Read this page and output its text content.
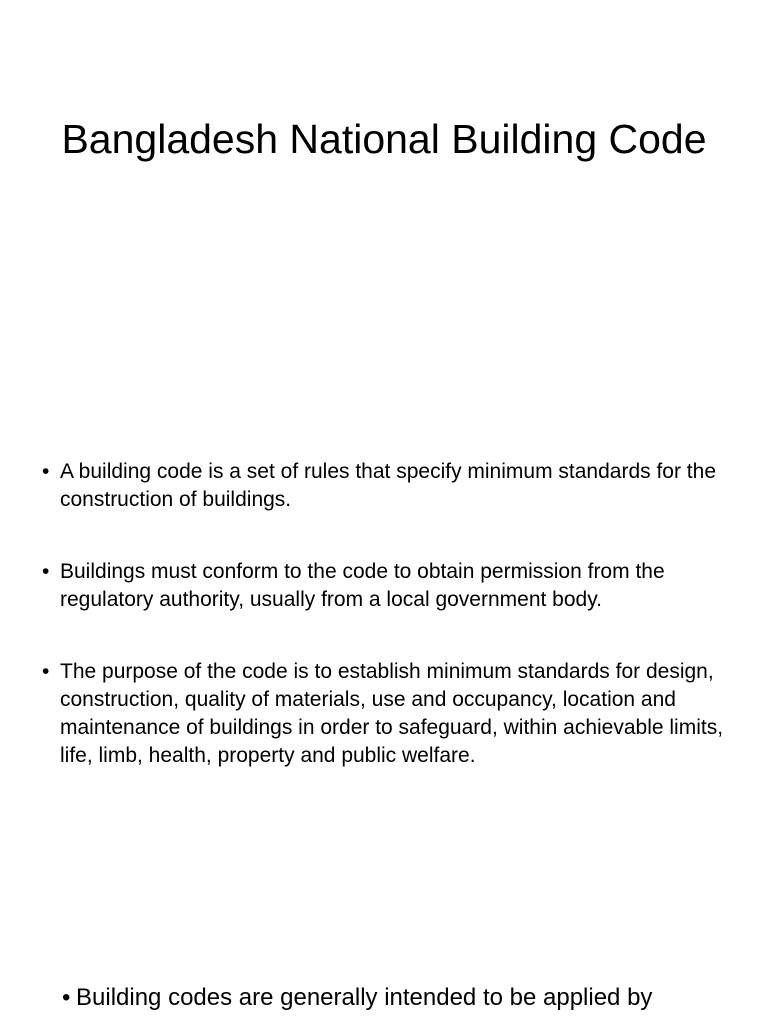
Bangladesh National Building Code
• A building code is a set of rules that specify minimum standards for the construction of buildings.
• Buildings must conform to the code to obtain permission from the regulatory authority, usually from a local government body.
• The purpose of the code is to establish minimum standards for design, construction, quality of materials, use and occupancy, location and maintenance of buildings in order to safeguard, within achievable limits, life, limb, health, property and public welfare.
• Building codes are generally intended to be applied by
